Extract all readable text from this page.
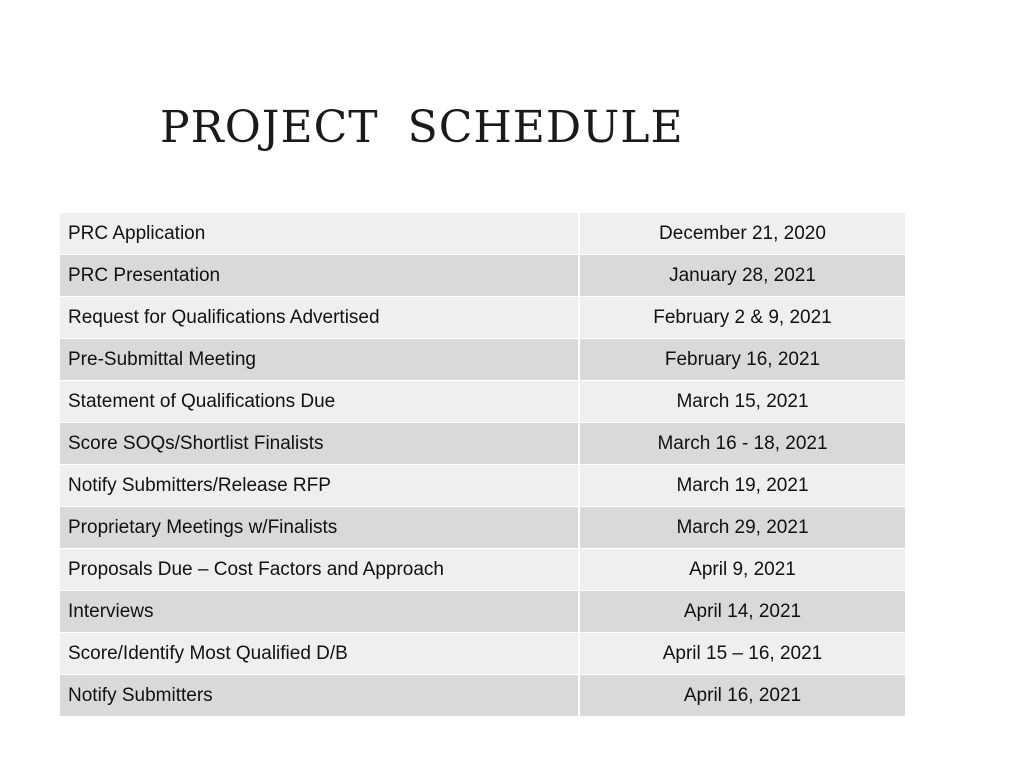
PROJECT SCHEDULE
PRC Application	December 21, 2020
PRC Presentation	January 28, 2021
Request for Qualifications Advertised	February 2 & 9, 2021
Pre-Submittal Meeting	February 16, 2021
Statement of Qualifications Due	March 15, 2021
Score SOQs/Shortlist Finalists	March 16 - 18, 2021
Notify Submitters/Release RFP	March 19, 2021
Proprietary Meetings w/Finalists	March 29, 2021
Proposals Due – Cost Factors and Approach	April 9, 2021
Interviews	April 14, 2021
Score/Identify Most Qualified D/B	April 15 – 16, 2021
Notify Submitters	April 16, 2021
